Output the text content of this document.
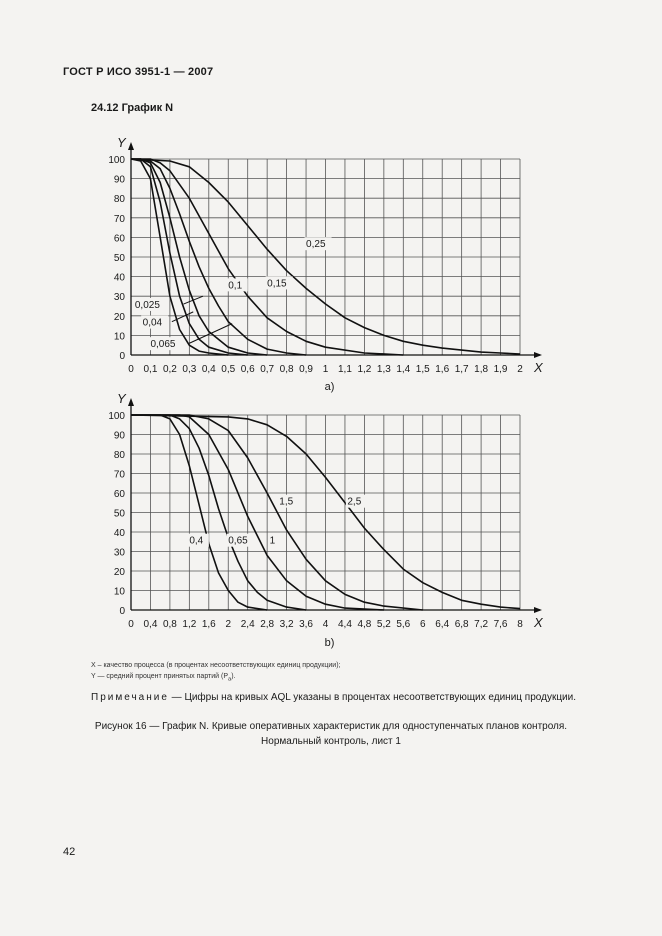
ГОСТ Р ИСО 3951-1 — 2007
24.12 График N
0 0,1 0,2 0,3 0,4 0,5 0,6 0,7 0,8 0,9 1 1,1 1,2 1,3 1,4 1,5 1,6 1,7 1,8 1,9 2
0
10
20
30
40
50
60
70
80
90
100
Y
X
0,25
0,15
0,1
0,025
0,04
0,065
a)
0 0,4 0,8 1,2 1,6 2 2,4 2,8 3,2 3,6 4 4,4 4,8 5,2 5,6 6 6,4 6,8 7,2 7,6 8
0
10
20
30
40
50
60
70
80
90
100
Y
X
2,5
1,5
1
0,65
0,4
b)
X – качество процесса (в процентах несоответствующих единиц продукции);
Y — средний процент принятых партий $(P_a)$.
Примечание — Цифры на кривых AQL указаны в процентах несоответствующих единиц продукции.
Рисунок 16 — График N. Кривые оперативных характеристик для одноступенчатых планов контроля.
Нормальный контроль, лист 1
42
